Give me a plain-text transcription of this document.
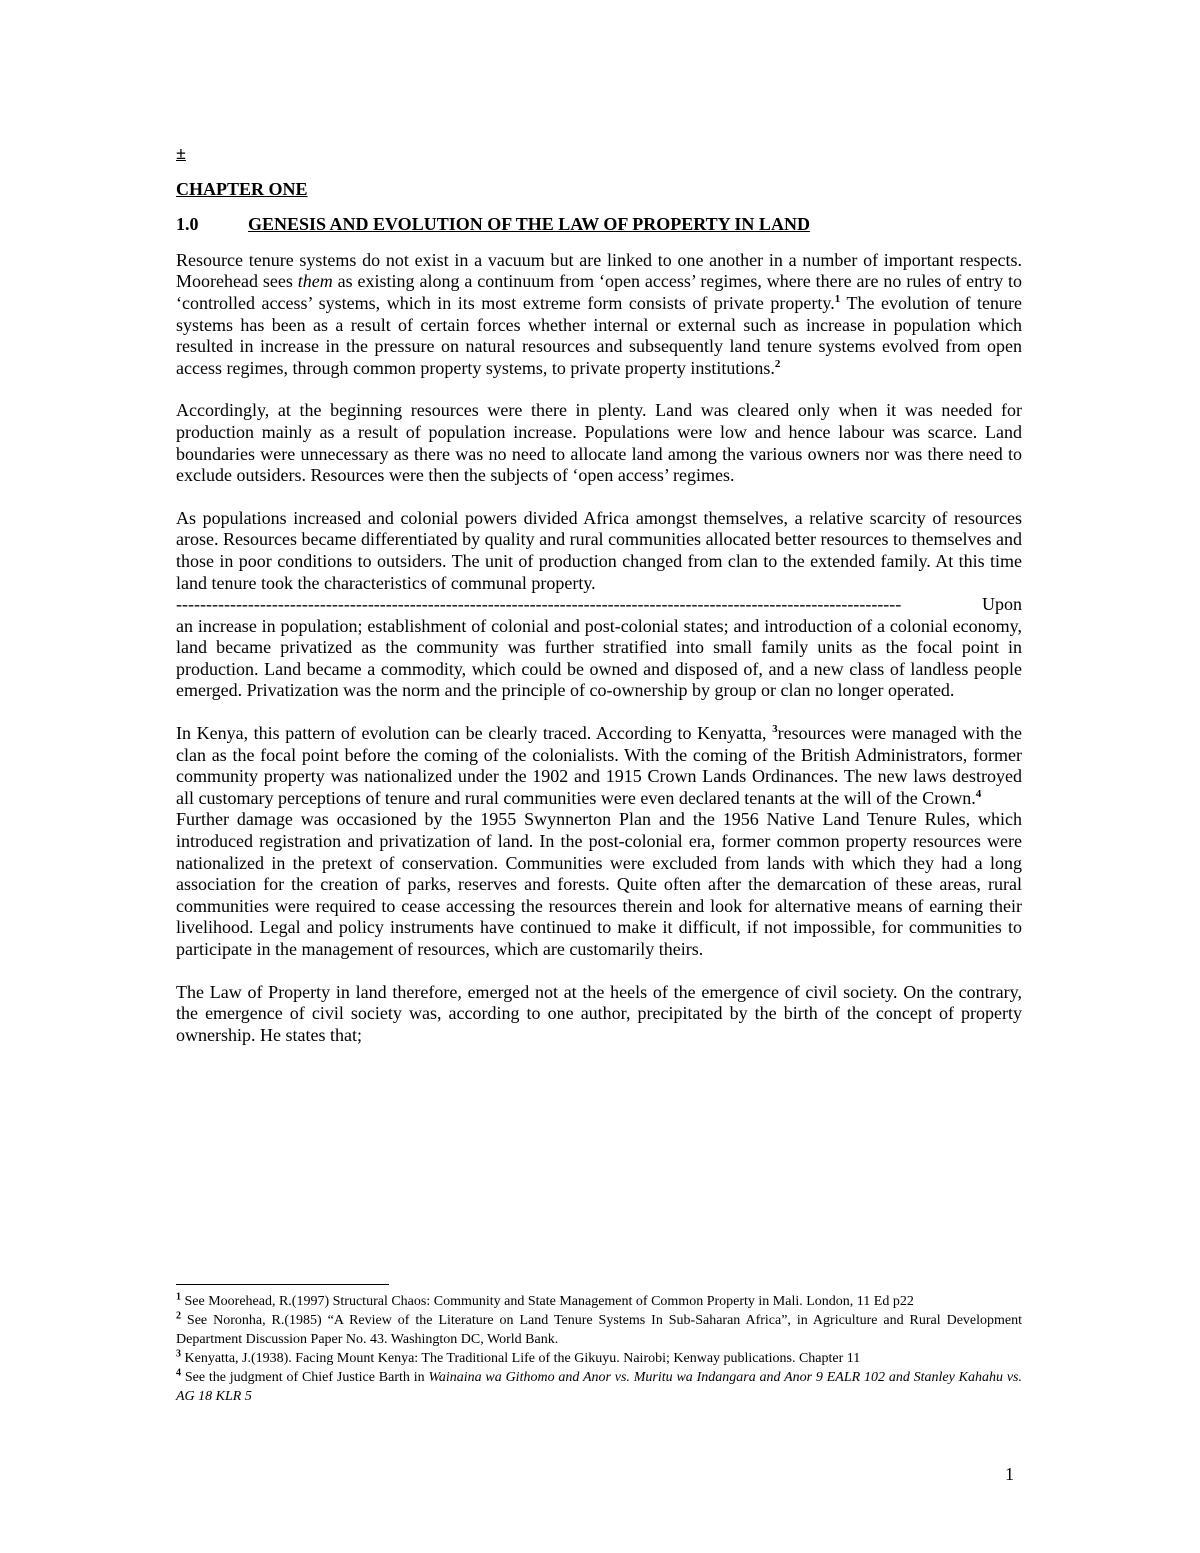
±
CHAPTER ONE
1.0	GENESIS AND EVOLUTION OF THE LAW OF PROPERTY IN LAND

Resource tenure systems do not exist in a vacuum but are linked to one another in a number of important respects. Moorehead sees them as existing along a continuum from ‘open access’ regimes, where there are no rules of entry to ‘controlled access’ systems, which in its most extreme form consists of private property.$^1$ The evolution of tenure systems has been as a result of certain forces whether internal or external such as increase in population which resulted in increase in the pressure on natural resources and subsequently land tenure systems evolved from open access regimes, through common property systems, to private property institutions.$^2$

Accordingly, at the beginning resources were there in plenty. Land was cleared only when it was needed for production mainly as a result of population increase. Populations were low and hence labour was scarce. Land boundaries were unnecessary as there was no need to allocate land among the various owners nor was there need to exclude outsiders. Resources were then the subjects of ‘open access’ regimes.

As populations increased and colonial powers divided Africa amongst themselves, a relative scarcity of resources arose. Resources became differentiated by quality and rural communities allocated better resources to themselves and those in poor conditions to outsiders. The unit of production changed from clan to the extended family. At this time land tenure took the characteristics of communal property.

-------------------------------------------------------------------------------------------------------------------------	Upon

an increase in population; establishment of colonial and post-colonial states; and introduction of a colonial economy, land became privatized as the community was further stratified into small family units as the focal point in production. Land became a commodity, which could be owned and disposed of, and a new class of landless people emerged. Privatization was the norm and the principle of co-ownership by group or clan no longer operated.

In Kenya, this pattern of evolution can be clearly traced. According to Kenyatta, $^3$resources were managed with the clan as the focal point before the coming of the colonialists. With the coming of the British Administrators, former community property was nationalized under the 1902 and 1915 Crown Lands Ordinances. The new laws destroyed all customary perceptions of tenure and rural communities were even declared tenants at the will of the Crown.$^4$

Further damage was occasioned by the 1955 Swynnerton Plan and the 1956 Native Land Tenure Rules, which introduced registration and privatization of land. In the post-colonial era, former common property resources were nationalized in the pretext of conservation. Communities were excluded from lands with which they had a long association for the creation of parks, reserves and forests. Quite often after the demarcation of these areas, rural communities were required to cease accessing the resources therein and look for alternative means of earning their livelihood. Legal and policy instruments have continued to make it difficult, if not impossible, for communities to participate in the management of resources, which are customarily theirs.

The Law of Property in land therefore, emerged not at the heels of the emergence of civil society. On the contrary, the emergence of civil society was, according to one author, precipitated by the birth of the concept of property ownership. He states that;

$^1$ See Moorehead, R.(1997) Structural Chaos: Community and State Management of Common Property in Mali. London, 11 Ed p22

$^2$ See Noronha, R.(1985) “A Review of the Literature on Land Tenure Systems In Sub-Saharan Africa”, in Agriculture and Rural Development Department Discussion Paper No. 43. Washington DC, World Bank.

$^3$ Kenyatta, J.(1938). Facing Mount Kenya: The Traditional Life of the Gikuyu. Nairobi; Kenway publications. Chapter 11

$^4$ See the judgment of Chief Justice Barth in Wainaina wa Githomo and Anor vs. Muritu wa Indangara and Anor 9 EALR 102 and Stanley Kahahu vs. AG 18 KLR 5

1
